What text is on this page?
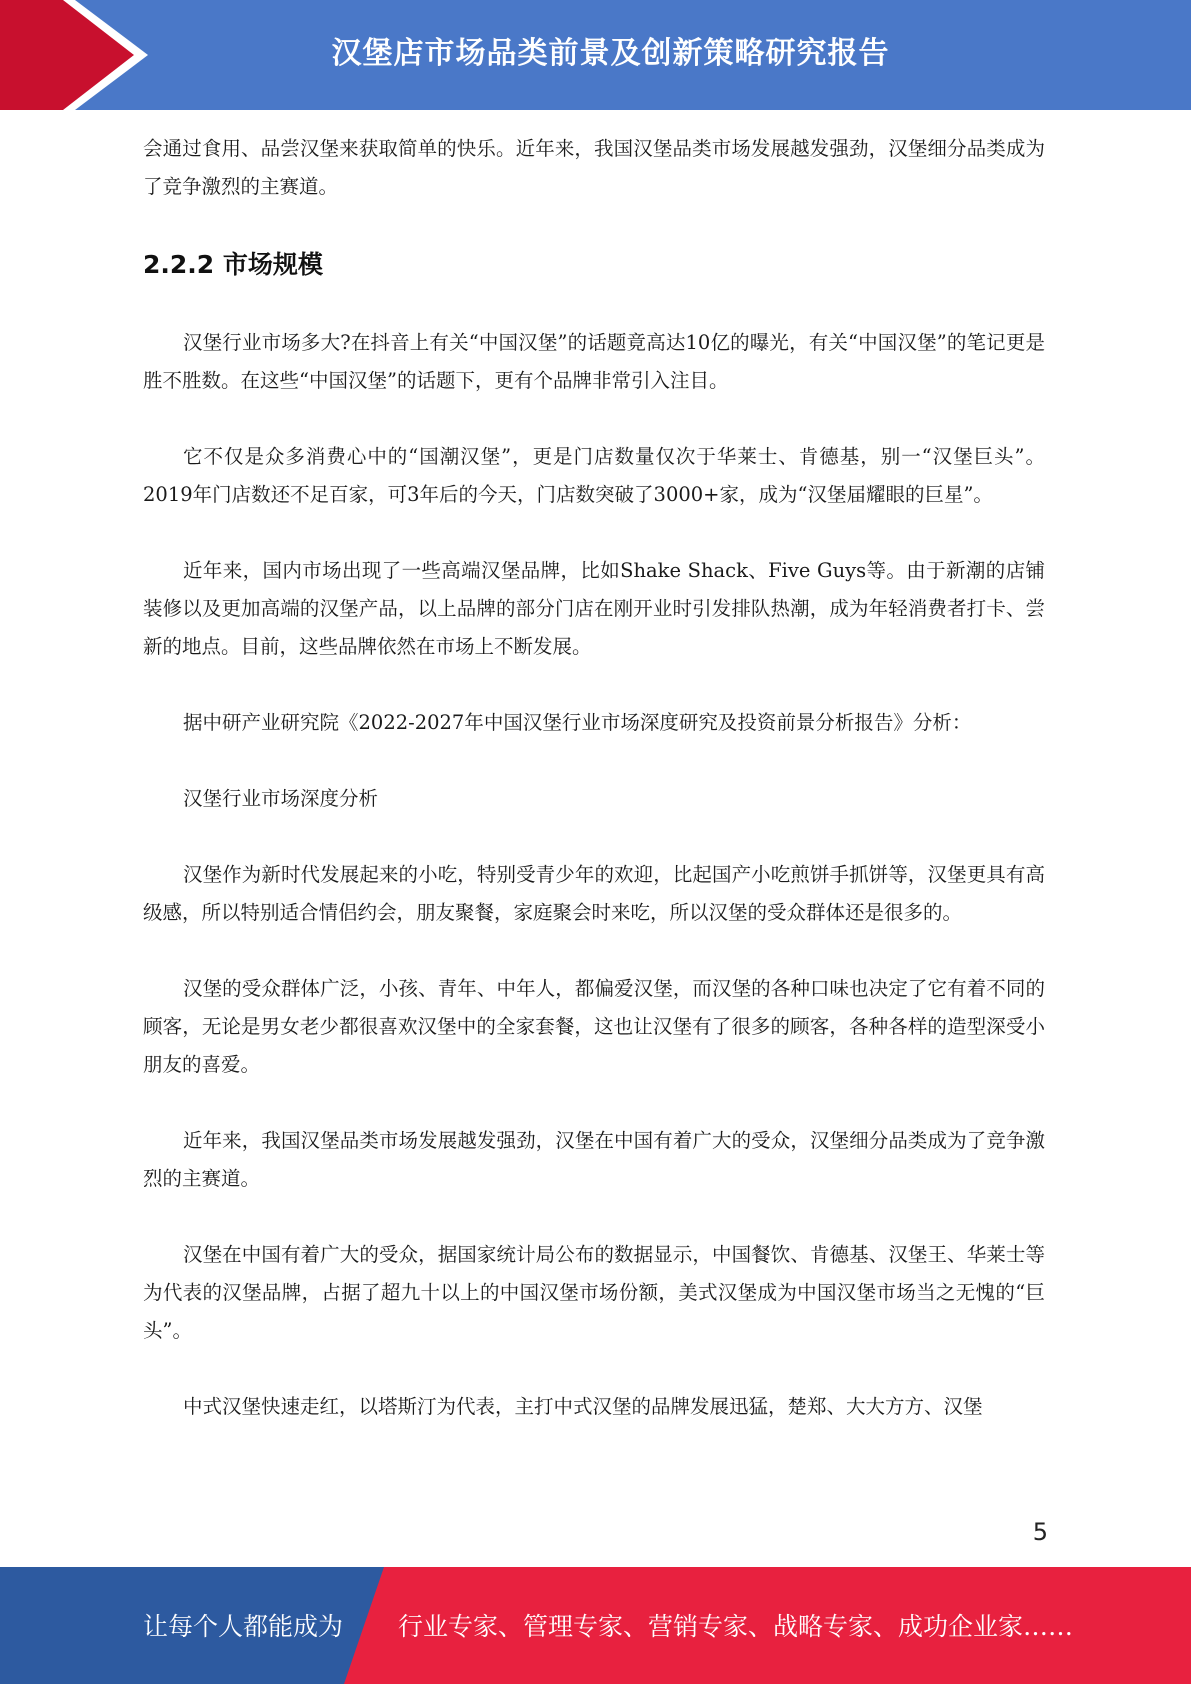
汉堡店市场品类前景及创新策略研究报告

会通过食用、品尝汉堡来获取简单的快乐。近年来，我国汉堡品类市场发展越发强劲，汉堡细分品类成为了竞争激烈的主赛道。

2.2.2 市场规模

汉堡行业市场多大?在抖音上有关“中国汉堡”的话题竟高达10亿的曝光，有关“中国汉堡”的笔记更是胜不胜数。在这些“中国汉堡”的话题下，更有个品牌非常引入注目。

它不仅是众多消费心中的“国潮汉堡”，更是门店数量仅次于华莱士、肯德基，别一“汉堡巨头”。2019年门店数还不足百家，可3年后的今天，门店数突破了3000+家，成为“汉堡届耀眼的巨星”。

近年来，国内市场出现了一些高端汉堡品牌，比如Shake Shack、Five Guys等。由于新潮的店铺装修以及更加高端的汉堡产品，以上品牌的部分门店在刚开业时引发排队热潮，成为年轻消费者打卡、尝新的地点。目前，这些品牌依然在市场上不断发展。

据中研产业研究院《2022-2027年中国汉堡行业市场深度研究及投资前景分析报告》分析：

汉堡行业市场深度分析

汉堡作为新时代发展起来的小吃，特别受青少年的欢迎，比起国产小吃煎饼手抓饼等，汉堡更具有高级感，所以特别适合情侣约会，朋友聚餐，家庭聚会时来吃，所以汉堡的受众群体还是很多的。

汉堡的受众群体广泛，小孩、青年、中年人，都偏爱汉堡，而汉堡的各种口味也决定了它有着不同的顾客，无论是男女老少都很喜欢汉堡中的全家套餐，这也让汉堡有了很多的顾客，各种各样的造型深受小朋友的喜爱。

近年来，我国汉堡品类市场发展越发强劲，汉堡在中国有着广大的受众，汉堡细分品类成为了竞争激烈的主赛道。

汉堡在中国有着广大的受众，据国家统计局公布的数据显示，中国餐饮、肯德基、汉堡王、华莱士等为代表的汉堡品牌，占据了超九十以上的中国汉堡市场份额，美式汉堡成为中国汉堡市场当之无愧的“巨头”。

中式汉堡快速走红，以塔斯汀为代表，主打中式汉堡的品牌发展迅猛，楚郑、大大方方、汉堡

5
让每个人都能成为 行业专家、管理专家、营销专家、战略专家、成功企业家……
